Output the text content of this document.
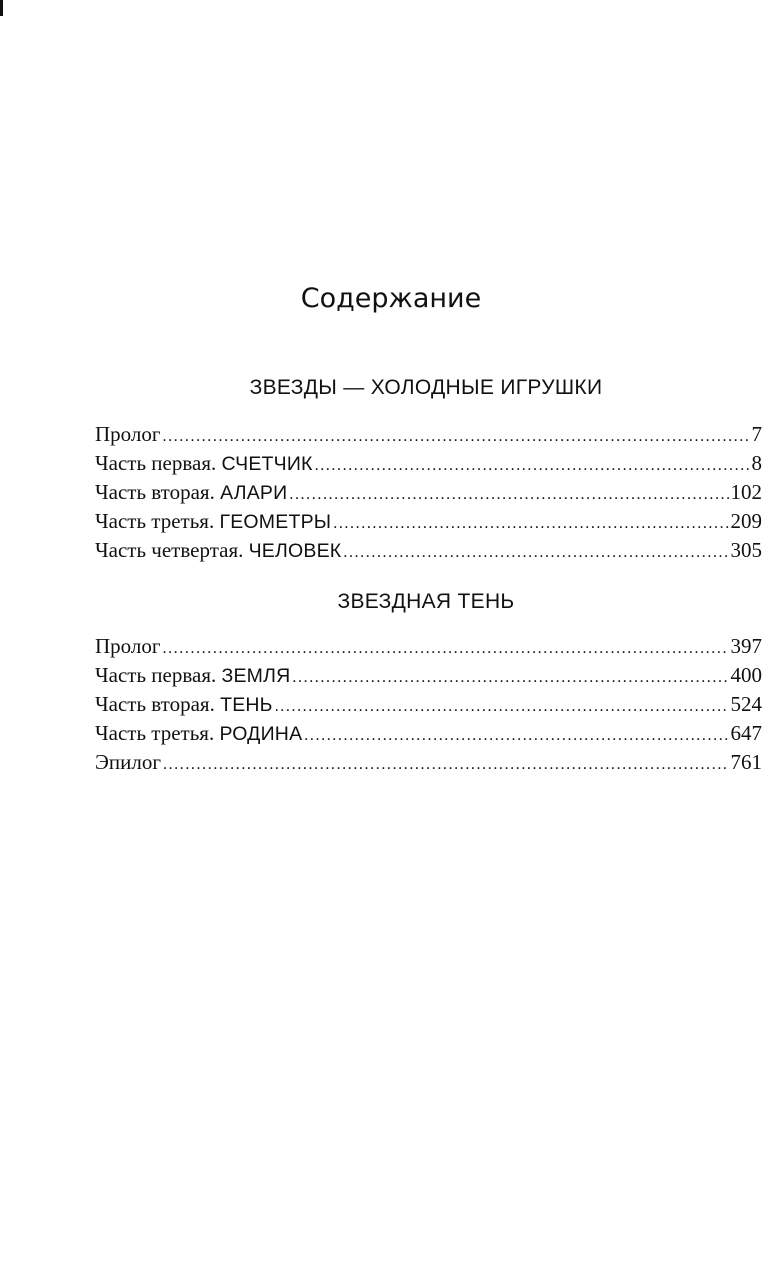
Содержание
ЗВЕЗДЫ — ХОЛОДНЫЕ ИГРУШКИ
Пролог .....	7
Часть первая. СЧЕТЧИК .....	8
Часть вторая. АЛАРИ .....	102
Часть третья. ГЕОМЕТРЫ .....	209
Часть четвертая. ЧЕЛОВЕК .....	305
ЗВЕЗДНАЯ ТЕНЬ
Пролог .....	397
Часть первая. ЗЕМЛЯ .....	400
Часть вторая. ТЕНЬ .....	524
Часть третья. РОДИНА .....	647
Эпилог .....	761
